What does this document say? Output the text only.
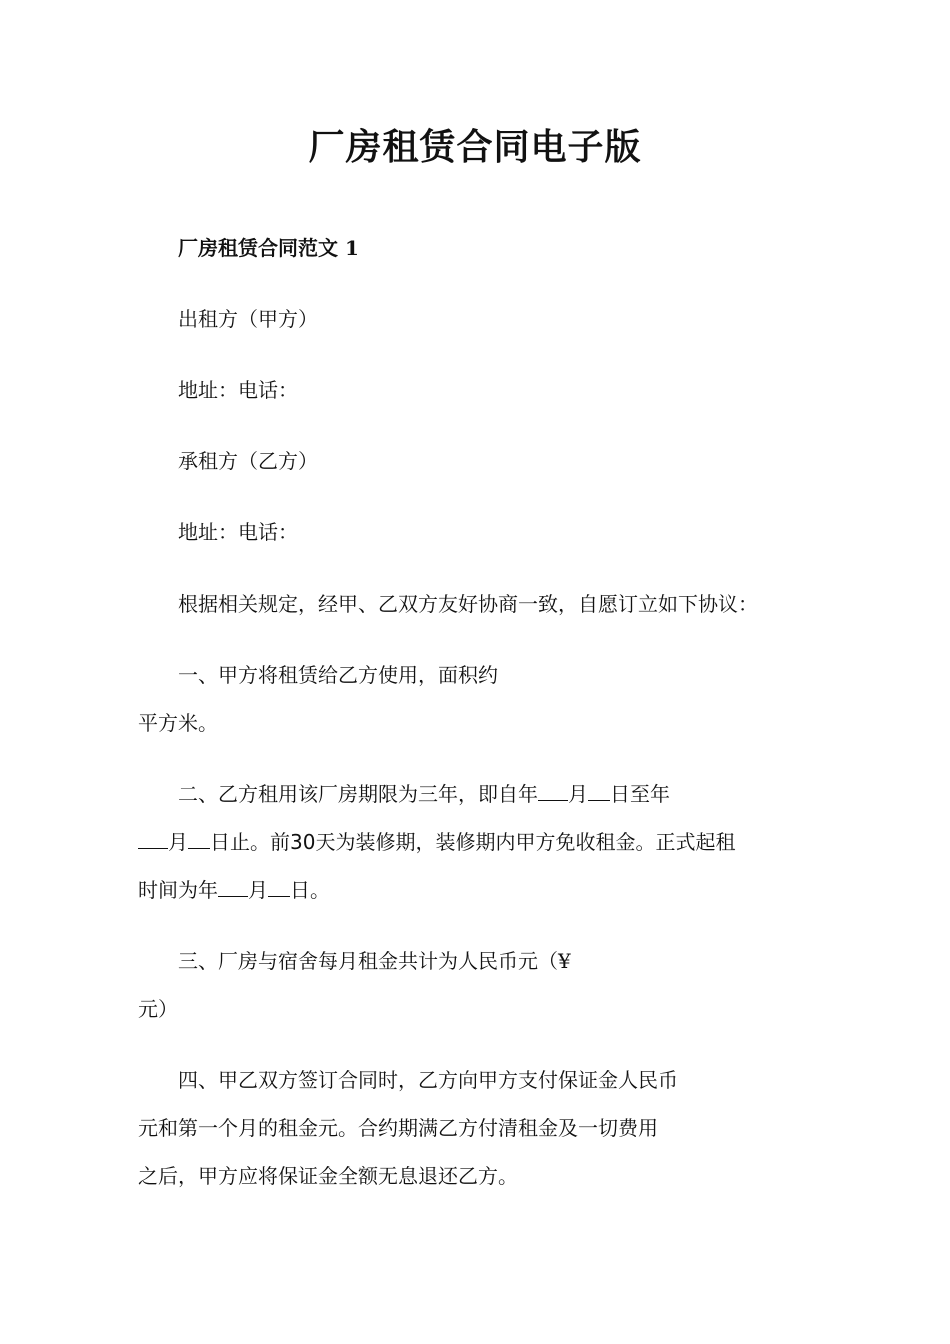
厂房租赁合同电子版
厂房租赁合同范文 1
出租方（甲方）
地址：电话：
承租方（乙方）
地址：电话：
根据相关规定，经甲、乙双方友好协商一致，自愿订立如下协议：
一、甲方将租赁给乙方使用，面积约
平方米。
二、乙方租用该厂房期限为三年，即自年 月 日至年
月 日止。前30天为装修期，装修期内甲方免收租金。正式起租
时间为年 月 日。
三、厂房与宿舍每月租金共计为人民币元（¥
元）
四、甲乙双方签订合同时，乙方向甲方支付保证金人民币
元和第一个月的租金元。合约期满乙方付清租金及一切费用
之后，甲方应将保证金全额无息退还乙方。
